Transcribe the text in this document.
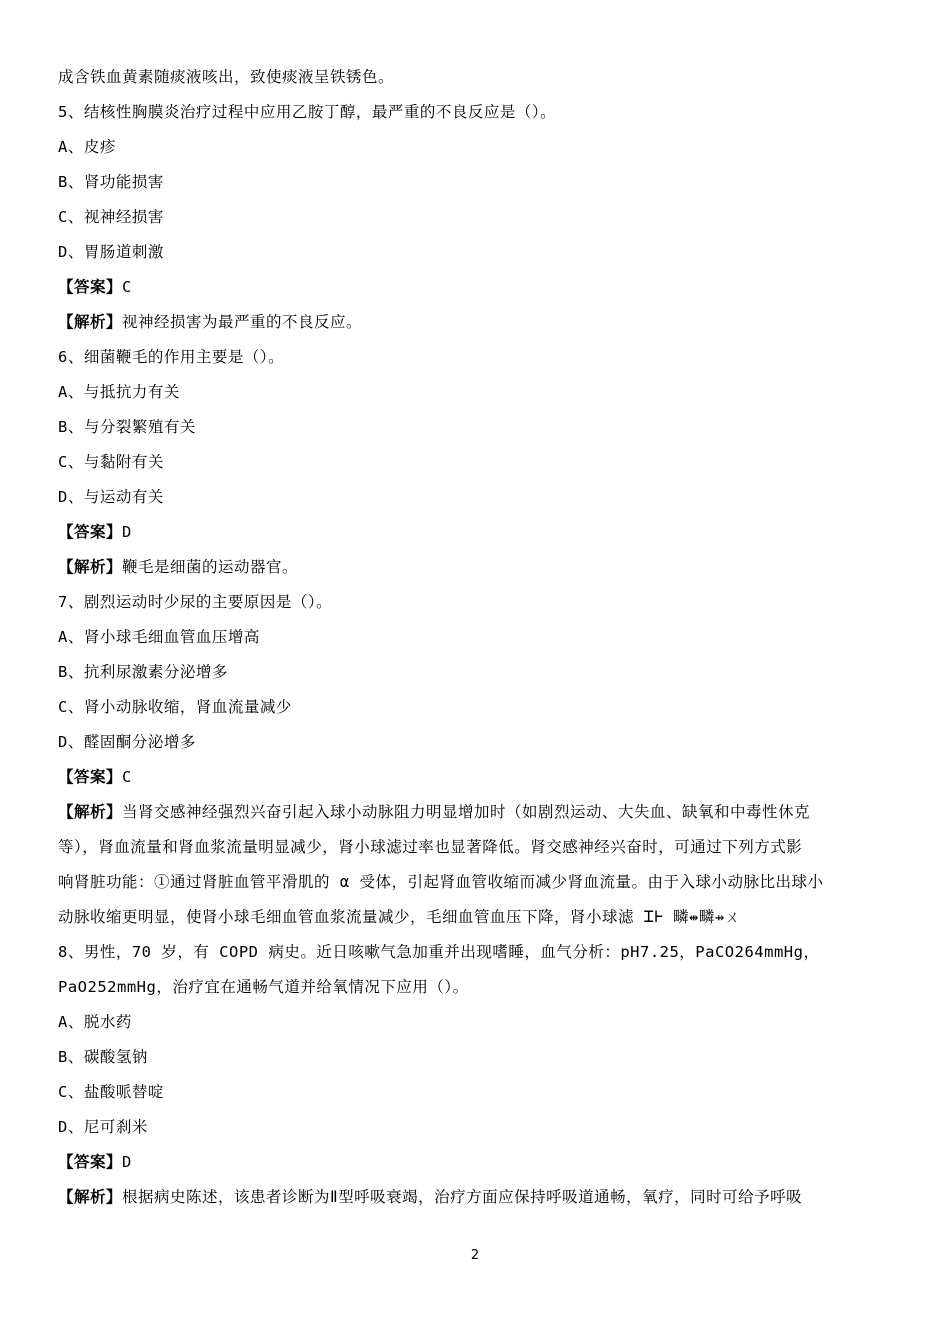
成含铁血黄素随痰液咳出，致使痰液呈铁锈色。
5、结核性胸膜炎治疗过程中应用乙胺丁醇，最严重的不良反应是（）。
A、皮疹
B、肾功能损害
C、视神经损害
D、胃肠道刺激
【答案】C
【解析】视神经损害为最严重的不良反应。
6、细菌鞭毛的作用主要是（）。
A、与抵抗力有关
B、与分裂繁殖有关
C、与黏附有关
D、与运动有关
【答案】D
【解析】鞭毛是细菌的运动器官。
7、剧烈运动时少尿的主要原因是（）。
A、肾小球毛细血管血压增高
B、抗利尿激素分泌增多
C、肾小动脉收缩，肾血流量减少
D、醛固酮分泌增多
【答案】C
【解析】当肾交感神经强烈兴奋引起入球小动脉阻力明显增加时（如剧烈运动、大失血、缺氧和中毒性休克
等），肾血流量和肾血浆流量明显减少，肾小球滤过率也显著降低。肾交感神经兴奋时，可通过下列方式影
响肾脏功能：①通过肾脏血管平滑肌的 α 受体，引起肾血管收缩而减少肾血流量。由于入球小动脉比出球小
动脉收缩更明显，使肾小球毛细血管血浆流量减少，毛细血管血压下降，肾小球滤 ᏆᎰ 疄⇹疄⇸ㄨ
8、男性，70 岁，有 COPD 病史。近日咳嗽气急加重并出现嗜睡，血气分析：pH7.25，PaCO264mmHg，
PaO252mmHg，治疗宜在通畅气道并给氧情况下应用（）。
A、脱水药
B、碳酸氢钠
C、盐酸哌替啶
D、尼可刹米
【答案】D
【解析】根据病史陈述，该患者诊断为Ⅱ型呼吸衰竭，治疗方面应保持呼吸道通畅，氧疗，同时可给予呼吸
2
